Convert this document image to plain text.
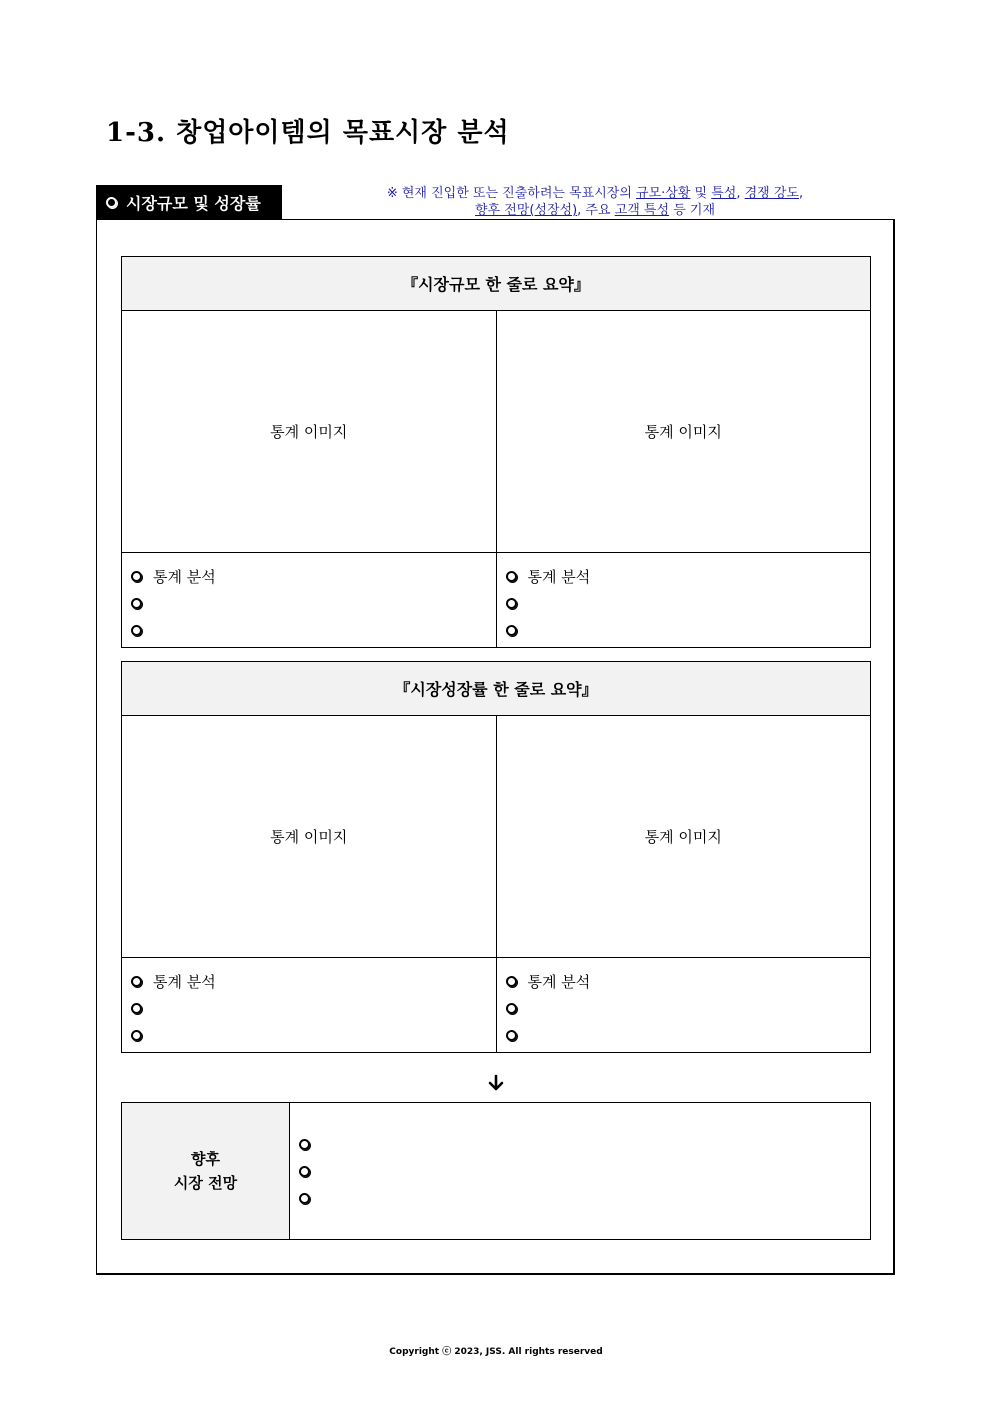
1-3. 창업아이템의 목표시장 분석
시장규모 및 성장률	※ 현재 진입한 또는 진출하려는 목표시장의 규모·상황 및 특성, 경쟁 강도,
향후 전망(성장성), 주요 고객 특성 등 기재
『시장규모 한 줄로 요약』
통계 이미지	통계 이미지
통계 분석	통계 분석
『시장성장률 한 줄로 요약』
통계 이미지	통계 이미지
통계 분석	통계 분석
향후
시장 전망
Copyright ⓒ 2023, JSS. All rights reserved
